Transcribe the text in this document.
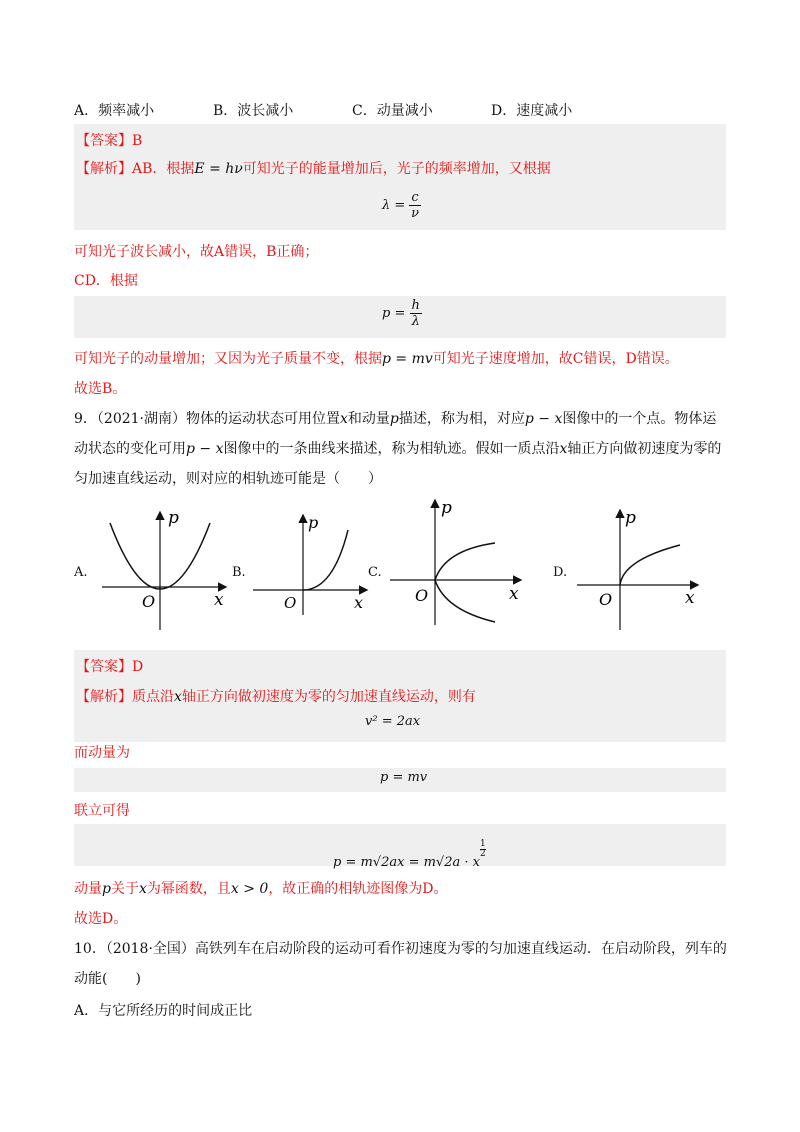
A．频率减小	B．波长减小	C．动量减小	D．速度减小
【答案】B
【解析】AB．根据E = hν可知光子的能量增加后，光子的频率增加，又根据
$\lambda = \frac{c}{\nu}$
可知光子波长减小，故A错误，B正确；
CD．根据
$p = \frac{h}{\lambda}$
可知光子的动量增加；又因为光子质量不变，根据p = mv可知光子速度增加，故C错误，D错误。
故选B。
9．（2021·湖南）物体的运动状态可用位置x和动量p描述，称为相，对应p − x图像中的一个点。物体运
动状态的变化可用p − x图像中的一条曲线来描述，称为相轨迹。假如一质点沿x轴正方向做初速度为零的
匀加速直线运动，则对应的相轨迹可能是（　　）
A.	B.	C.	D.
p
x
O
p
x
O
p
x
O
p
x
O
【答案】D
【解析】质点沿x轴正方向做初速度为零的匀加速直线运动，则有
v² = 2ax
而动量为
p = mv
联立可得
p = m√2ax = m√2a · x
$^{\frac{1}{2}}$
动量p关于x为幂函数，且x > 0，故正确的相轨迹图像为D。
故选D。
10．（2018·全国）高铁列车在启动阶段的运动可看作初速度为零的匀加速直线运动．在启动阶段，列车的
动能(　　)
A．与它所经历的时间成正比
